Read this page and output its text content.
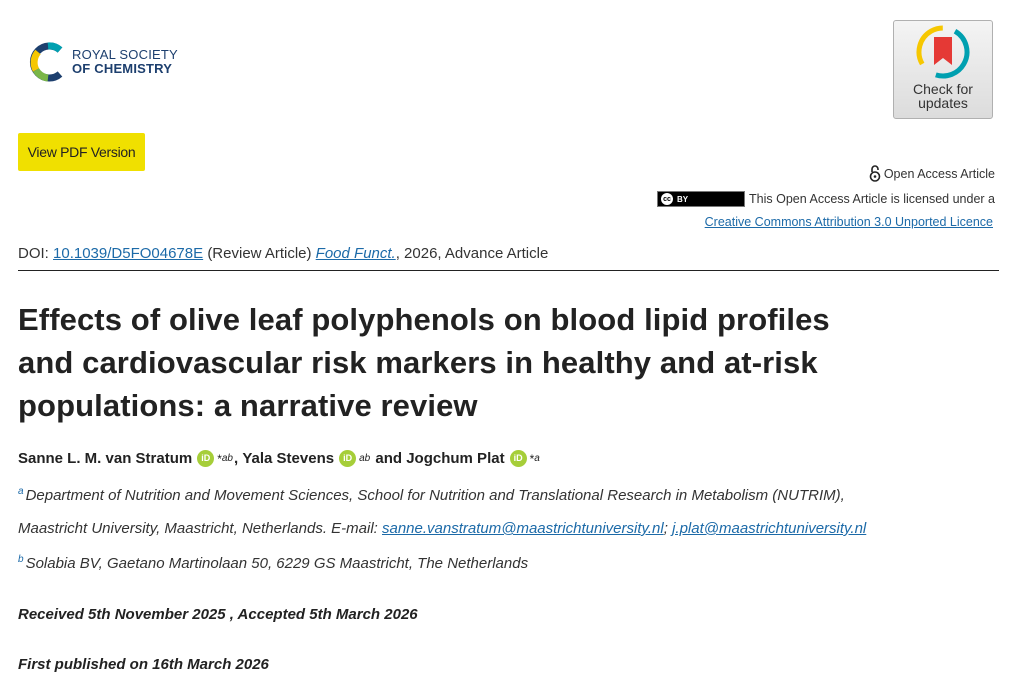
ROYAL SOCIETY
OF CHEMISTRY
Check for
updates
View PDF Version
Open Access Article
cc BY	This Open Access Article is licensed under a
Creative Commons Attribution 3.0 Unported Licence
DOI: 10.1039/D5FO04678E (Review Article) Food Funct., 2026, Advance Article
Effects of olive leaf polyphenols on blood lipid profiles
and cardiovascular risk markers in healthy and at-risk
populations: a narrative review
Sanne L. M. van Stratum	iD * ab ,
Yala Stevens	iD ab
and
Jogchum Plat	iD * a
$^a$ Department of Nutrition and Movement Sciences, School for Nutrition and Translational Research in Metabolism (NUTRIM),
Maastricht University, Maastricht, Netherlands. E-mail: sanne.vanstratum@maastrichtuniversity.nl; j.plat@maastrichtuniversity.nl
$^b$ Solabia BV, Gaetano Martinolaan 50, 6229 GS Maastricht, The Netherlands
Received 5th November 2025 , Accepted 5th March 2026
First published on 16th March 2026
